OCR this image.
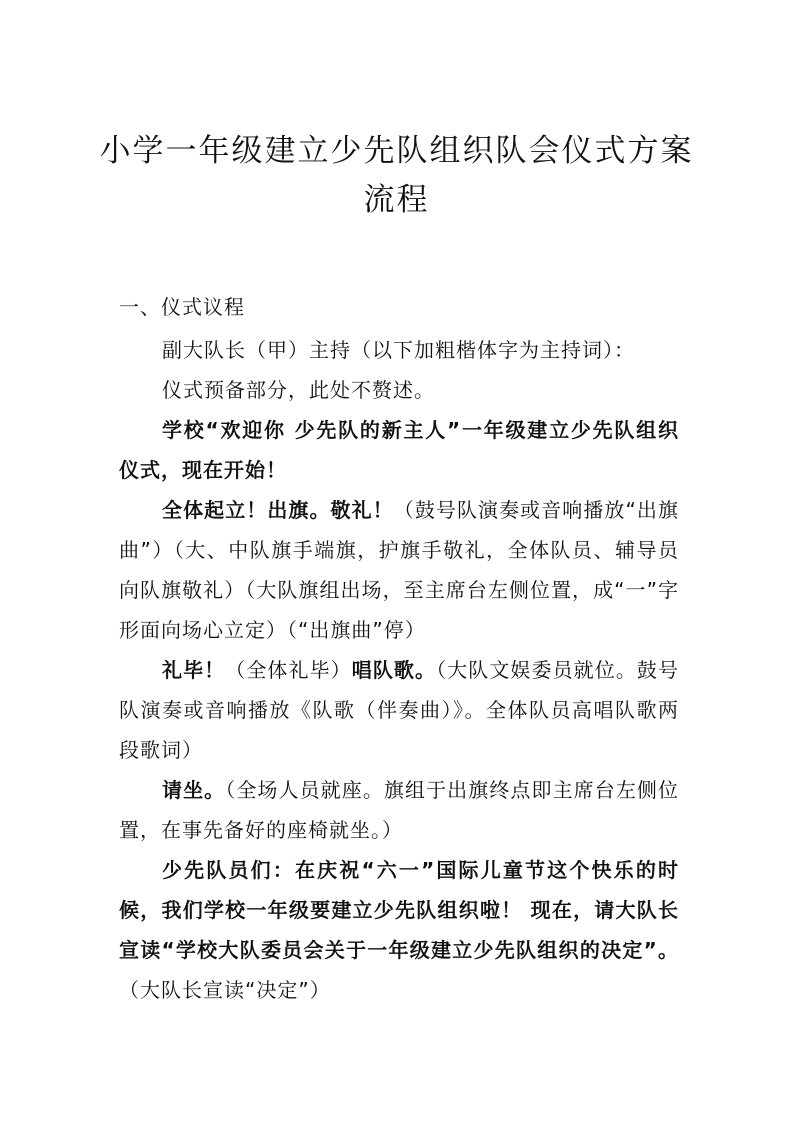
小学一年级建立少先队组织队会仪式方案
流程
一、仪式议程

副大队长（甲）主持（以下加粗楷体字为主持词）：

仪式预备部分，此处不赘述。

学校“欢迎你 少先队的新主人”一年级建立少先队组织仪式，现在开始！

全体起立！出旗。敬礼！（鼓号队演奏或音响播放“出旗曲”）（大、中队旗手端旗，护旗手敬礼，全体队员、辅导员向队旗敬礼）（大队旗组出场，至主席台左侧位置，成“一”字形面向场心立定）（“出旗曲”停）

礼毕！（全体礼毕）唱队歌。（大队文娱委员就位。鼓号队演奏或音响播放《队歌（伴奏曲）》。全体队员高唱队歌两段歌词）

请坐。（全场人员就座。旗组于出旗终点即主席台左侧位置，在事先备好的座椅就坐。）

少先队员们：在庆祝“六一”国际儿童节这个快乐的时候，我们学校一年级要建立少先队组织啦！ 现在，请大队长宣读“学校大队委员会关于一年级建立少先队组织的决定”。（大队长宣读“决定”）
